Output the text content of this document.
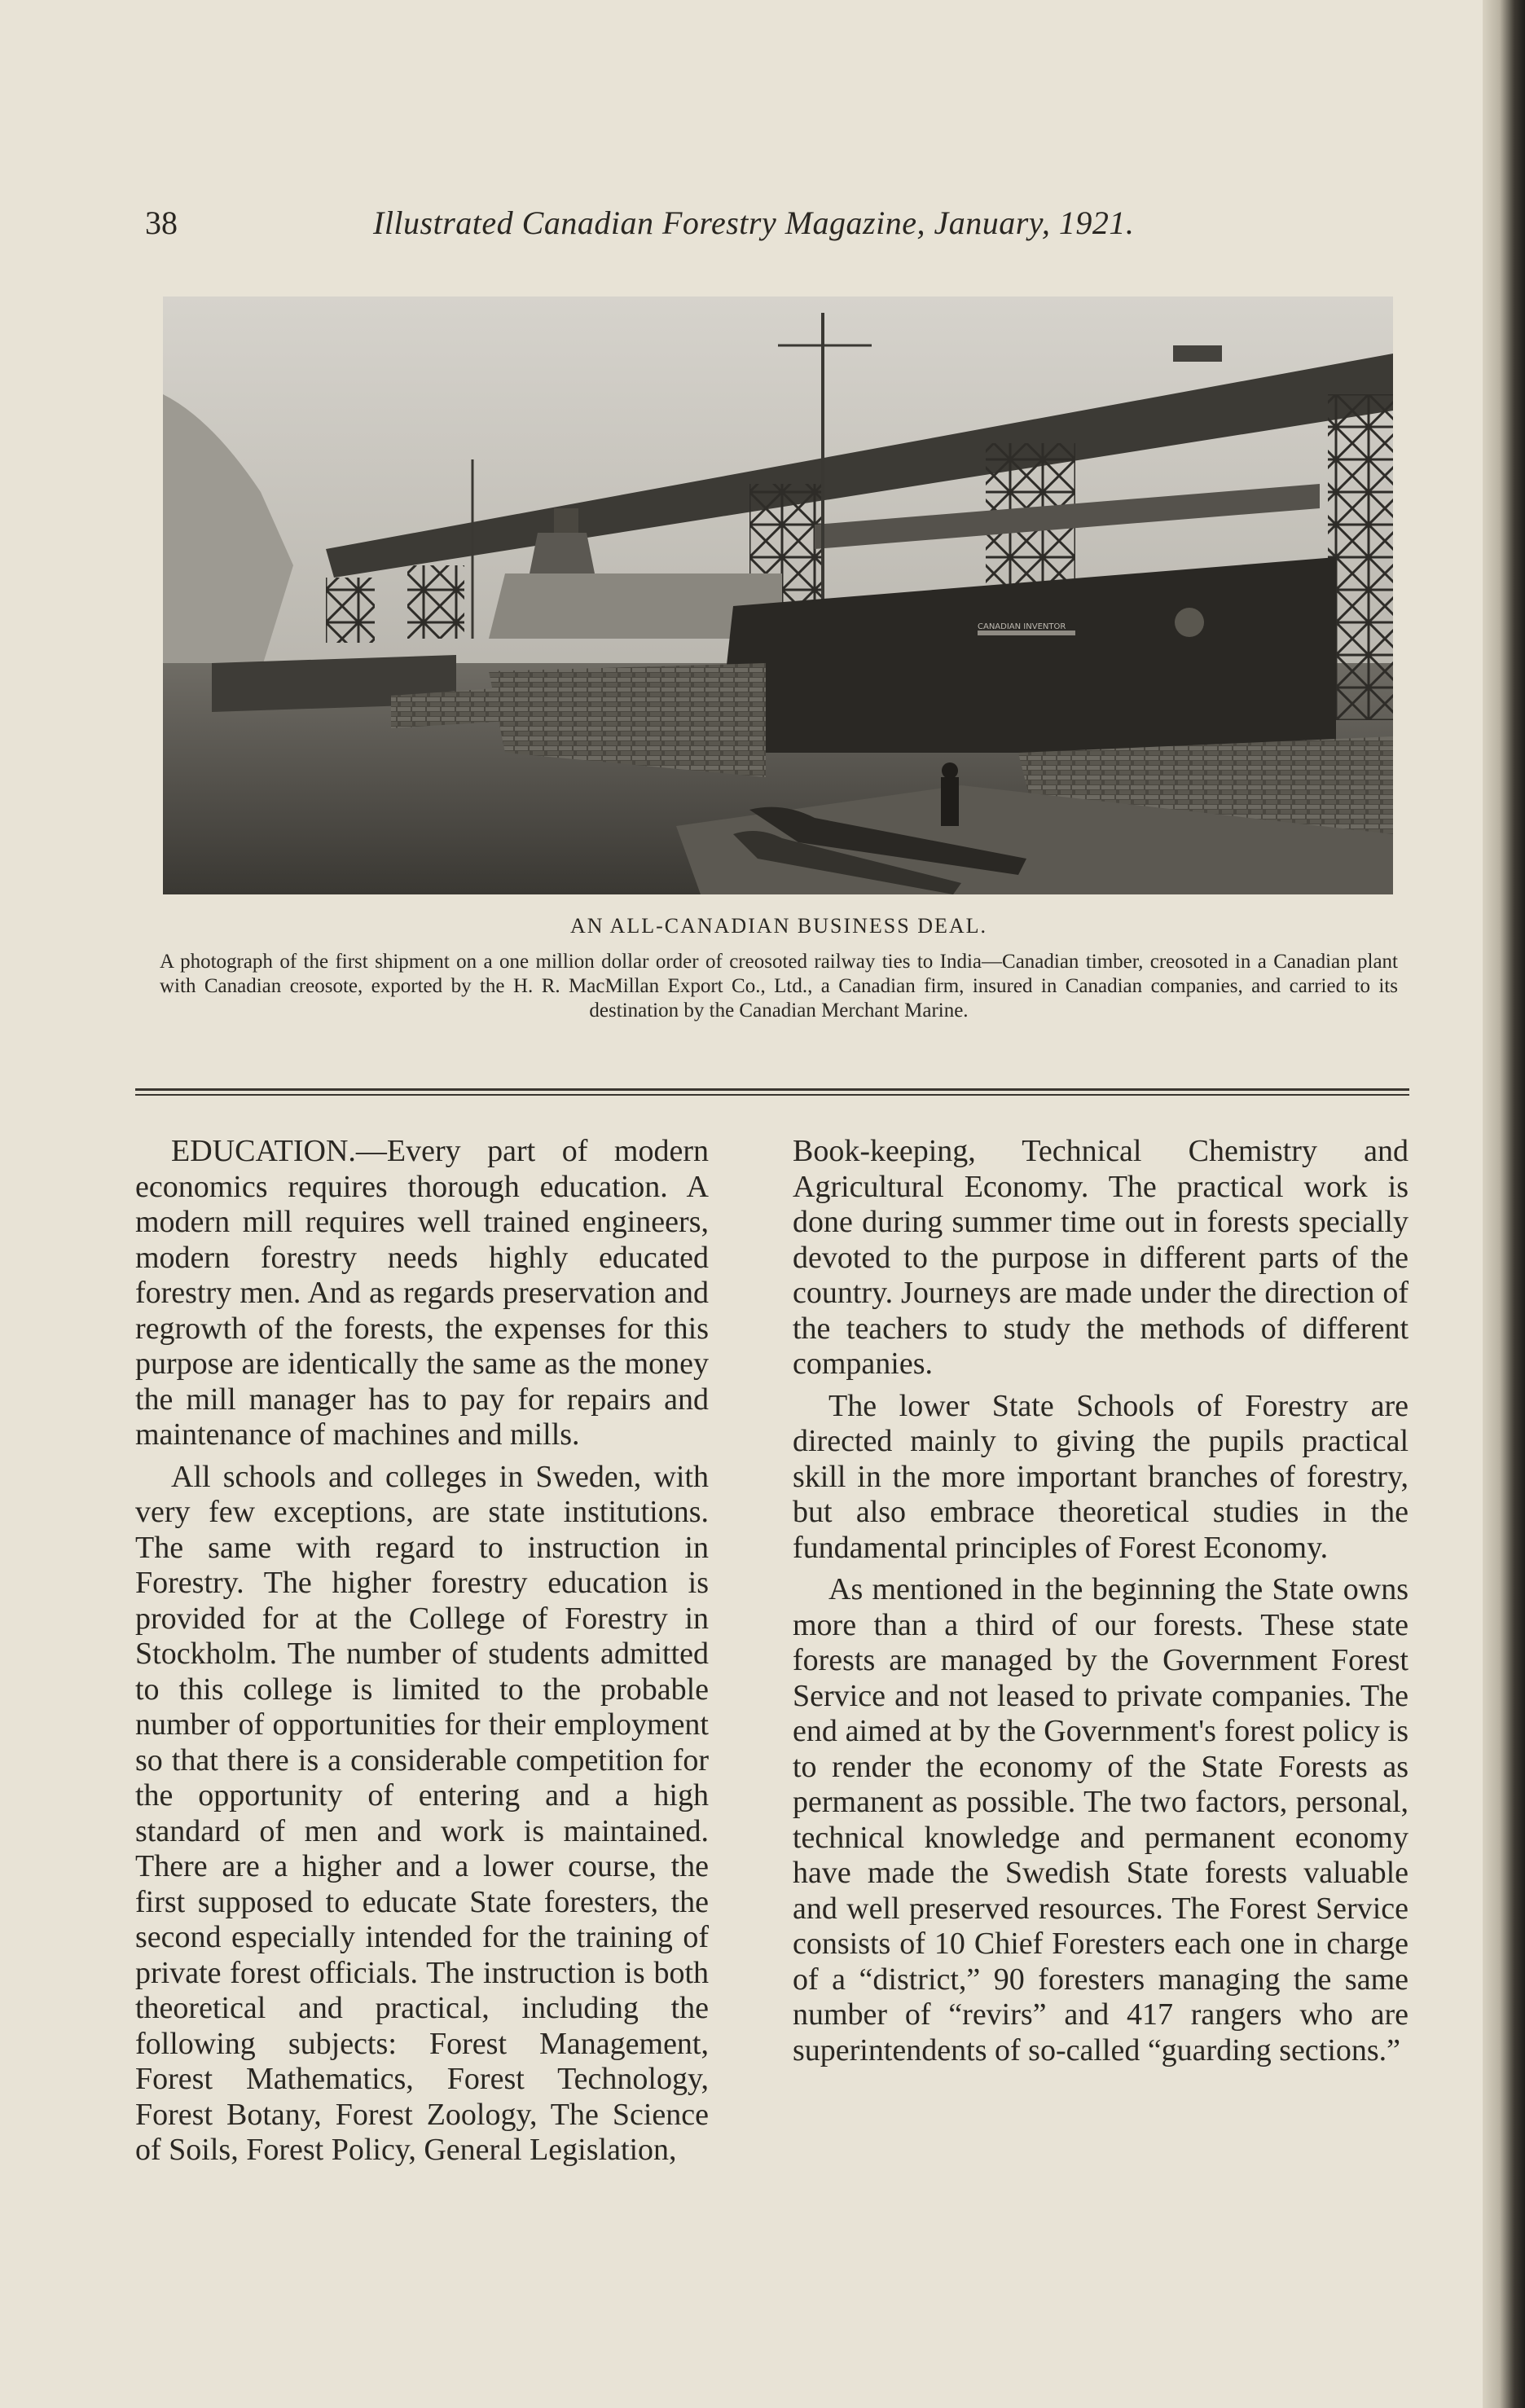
38	Illustrated Canadian Forestry Magazine, January, 1921.
CANADIAN INVENTOR

AN ALL-CANADIAN BUSINESS DEAL.

A photograph of the first shipment on a one million dollar order of creosoted railway ties to India—Canadian timber, creosoted in a Canadian plant with Canadian creosote, exported by the H. R. MacMillan Export Co., Ltd., a Canadian firm, insured in Canadian companies, and carried to its destination by the Canadian Merchant Marine.

EDUCATION.—Every part of modern economics requires thorough education. A modern mill requires well trained engineers, modern forestry needs highly educated forestry men. And as regards preservation and regrowth of the forests, the expenses for this purpose are identically the same as the money the mill manager has to pay for repairs and maintenance of machines and mills.

All schools and colleges in Sweden, with very few exceptions, are state institutions. The same with regard to instruction in Forestry. The higher forestry education is provided for at the College of Forestry in Stockholm. The number of students admitted to this college is limited to the probable number of opportunities for their employment so that there is a considerable competition for the opportunity of entering and a high standard of men and work is maintained. There are a higher and a lower course, the first supposed to educate State foresters, the second especially intended for the training of private forest officials. The instruction is both theoretical and practical, including the following subjects: Forest Management, Forest Mathematics, Forest Technology, Forest Botany, Forest Zoology, The Science of Soils, Forest Policy, General Legislation,

Book-keeping, Technical Chemistry and Agricultural Economy. The practical work is done during summer time out in forests specially devoted to the purpose in different parts of the country. Journeys are made under the direction of the teachers to study the methods of different companies.

The lower State Schools of Forestry are directed mainly to giving the pupils practical skill in the more important branches of forestry, but also embrace theoretical studies in the fundamental principles of Forest Economy.

As mentioned in the beginning the State owns more than a third of our forests. These state forests are managed by the Government Forest Service and not leased to private companies. The end aimed at by the Government's forest policy is to render the economy of the State Forests as permanent as possible. The two factors, personal, technical knowledge and permanent economy have made the Swedish State forests valuable and well preserved resources. The Forest Service consists of 10 Chief Foresters each one in charge of a “district,” 90 foresters managing the same number of “revirs” and 417 rangers who are superintendents of so-called “guarding sections.”
